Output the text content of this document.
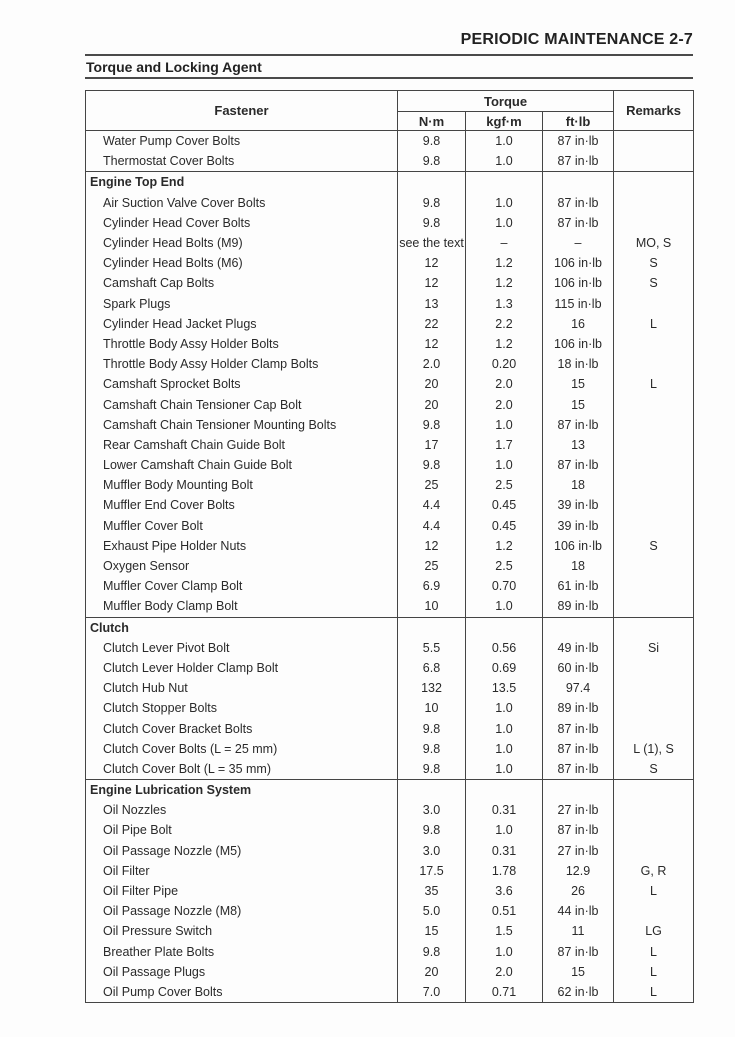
PERIODIC MAINTENANCE 2-7
Torque and Locking Agent
Fastener	Torque			Remarks
	N·m	kgf·m	ft·lb	
Water Pump Cover Bolts	9.8	1.0	87 in·lb	
Thermostat Cover Bolts	9.8	1.0	87 in·lb	
Engine Top End				
Air Suction Valve Cover Bolts	9.8	1.0	87 in·lb	
Cylinder Head Cover Bolts	9.8	1.0	87 in·lb	
Cylinder Head Bolts (M9)	see the text	–	–	MO, S
Cylinder Head Bolts (M6)	12	1.2	106 in·lb	S
Camshaft Cap Bolts	12	1.2	106 in·lb	S
Spark Plugs	13	1.3	115 in·lb	
Cylinder Head Jacket Plugs	22	2.2	16	L
Throttle Body Assy Holder Bolts	12	1.2	106 in·lb	
Throttle Body Assy Holder Clamp Bolts	2.0	0.20	18 in·lb	
Camshaft Sprocket Bolts	20	2.0	15	L
Camshaft Chain Tensioner Cap Bolt	20	2.0	15	
Camshaft Chain Tensioner Mounting Bolts	9.8	1.0	87 in·lb	
Rear Camshaft Chain Guide Bolt	17	1.7	13	
Lower Camshaft Chain Guide Bolt	9.8	1.0	87 in·lb	
Muffler Body Mounting Bolt	25	2.5	18	
Muffler End Cover Bolts	4.4	0.45	39 in·lb	
Muffler Cover Bolt	4.4	0.45	39 in·lb	
Exhaust Pipe Holder Nuts	12	1.2	106 in·lb	S
Oxygen Sensor	25	2.5	18	
Muffler Cover Clamp Bolt	6.9	0.70	61 in·lb	
Muffler Body Clamp Bolt	10	1.0	89 in·lb	
Clutch				
Clutch Lever Pivot Bolt	5.5	0.56	49 in·lb	Si
Clutch Lever Holder Clamp Bolt	6.8	0.69	60 in·lb	
Clutch Hub Nut	132	13.5	97.4	
Clutch Stopper Bolts	10	1.0	89 in·lb	
Clutch Cover Bracket Bolts	9.8	1.0	87 in·lb	
Clutch Cover Bolts (L = 25 mm)	9.8	1.0	87 in·lb	L (1), S
Clutch Cover Bolt (L = 35 mm)	9.8	1.0	87 in·lb	S
Engine Lubrication System				
Oil Nozzles	3.0	0.31	27 in·lb	
Oil Pipe Bolt	9.8	1.0	87 in·lb	
Oil Passage Nozzle (M5)	3.0	0.31	27 in·lb	
Oil Filter	17.5	1.78	12.9	G, R
Oil Filter Pipe	35	3.6	26	L
Oil Passage Nozzle (M8)	5.0	0.51	44 in·lb	
Oil Pressure Switch	15	1.5	11	LG
Breather Plate Bolts	9.8	1.0	87 in·lb	L
Oil Passage Plugs	20	2.0	15	L
Oil Pump Cover Bolts	7.0	0.71	62 in·lb	L
